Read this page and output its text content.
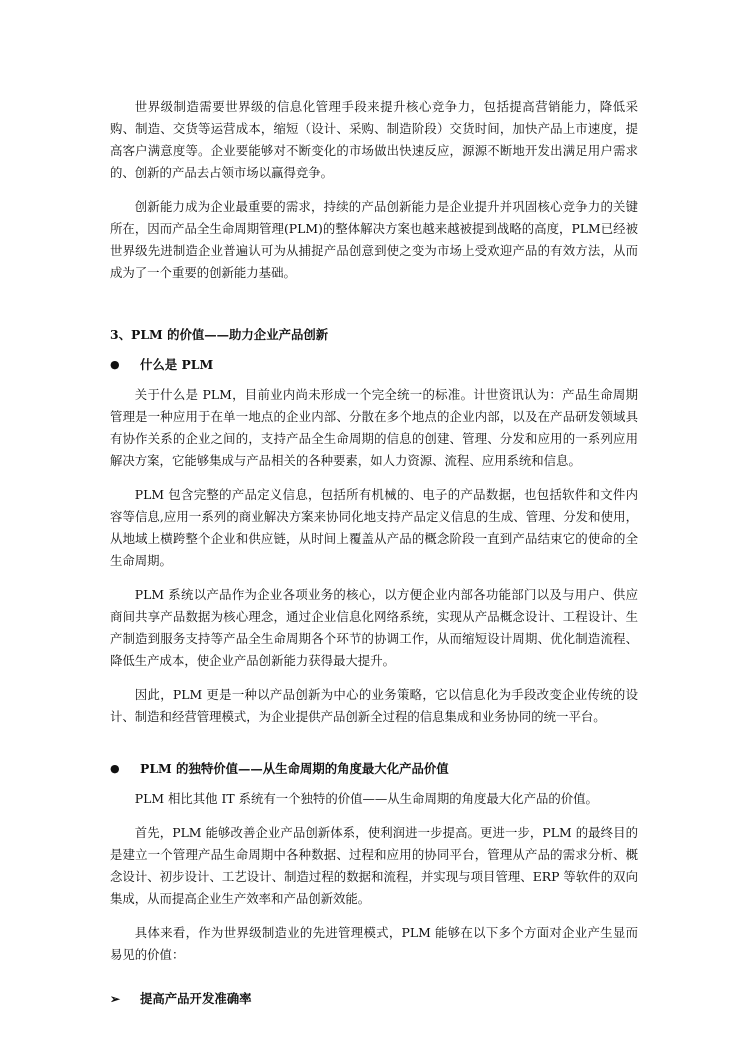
世界级制造需要世界级的信息化管理手段来提升核心竞争力，包括提高营销能力，降低采购、制造、交货等运营成本，缩短（设计、采购、制造阶段）交货时间，加快产品上市速度，提高客户满意度等。企业要能够对不断变化的市场做出快速反应，源源不断地开发出满足用户需求的、创新的产品去占领市场以赢得竞争。

创新能力成为企业最重要的需求，持续的产品创新能力是企业提升并巩固核心竞争力的关键所在，因而产品全生命周期管理(PLM)的整体解决方案也越来越被提到战略的高度，PLM已经被世界级先进制造企业普遍认可为从捕捉产品创意到使之变为市场上受欢迎产品的有效方法，从而成为了一个重要的创新能力基础。

3、PLM 的价值——助力企业产品创新

●	什么是 PLM

关于什么是 PLM，目前业内尚未形成一个完全统一的标准。计世资讯认为：产品生命周期管理是一种应用于在单一地点的企业内部、分散在多个地点的企业内部，以及在产品研发领域具有协作关系的企业之间的，支持产品全生命周期的信息的创建、管理、分发和应用的一系列应用解决方案，它能够集成与产品相关的各种要素，如人力资源、流程、应用系统和信息。

PLM 包含完整的产品定义信息，包括所有机械的、电子的产品数据，也包括软件和文件内容等信息,应用一系列的商业解决方案来协同化地支持产品定义信息的生成、管理、分发和使用，从地域上横跨整个企业和供应链，从时间上覆盖从产品的概念阶段一直到产品结束它的使命的全生命周期。

PLM 系统以产品作为企业各项业务的核心，以方便企业内部各功能部门以及与用户、供应商间共享产品数据为核心理念，通过企业信息化网络系统，实现从产品概念设计、工程设计、生产制造到服务支持等产品全生命周期各个环节的协调工作，从而缩短设计周期、优化制造流程、降低生产成本，使企业产品创新能力获得最大提升。

因此，PLM 更是一种以产品创新为中心的业务策略，它以信息化为手段改变企业传统的设计、制造和经营管理模式，为企业提供产品创新全过程的信息集成和业务协同的统一平台。

●	PLM 的独特价值——从生命周期的角度最大化产品价值

PLM 相比其他 IT 系统有一个独特的价值——从生命周期的角度最大化产品的价值。

首先，PLM 能够改善企业产品创新体系，使利润进一步提高。更进一步，PLM 的最终目的是建立一个管理产品生命周期中各种数据、过程和应用的协同平台，管理从产品的需求分析、概念设计、初步设计、工艺设计、制造过程的数据和流程，并实现与项目管理、ERP 等软件的双向集成，从而提高企业生产效率和产品创新效能。

具体来看，作为世界级制造业的先进管理模式，PLM 能够在以下多个方面对企业产生显而易见的价值：

➢	提高产品开发准确率
